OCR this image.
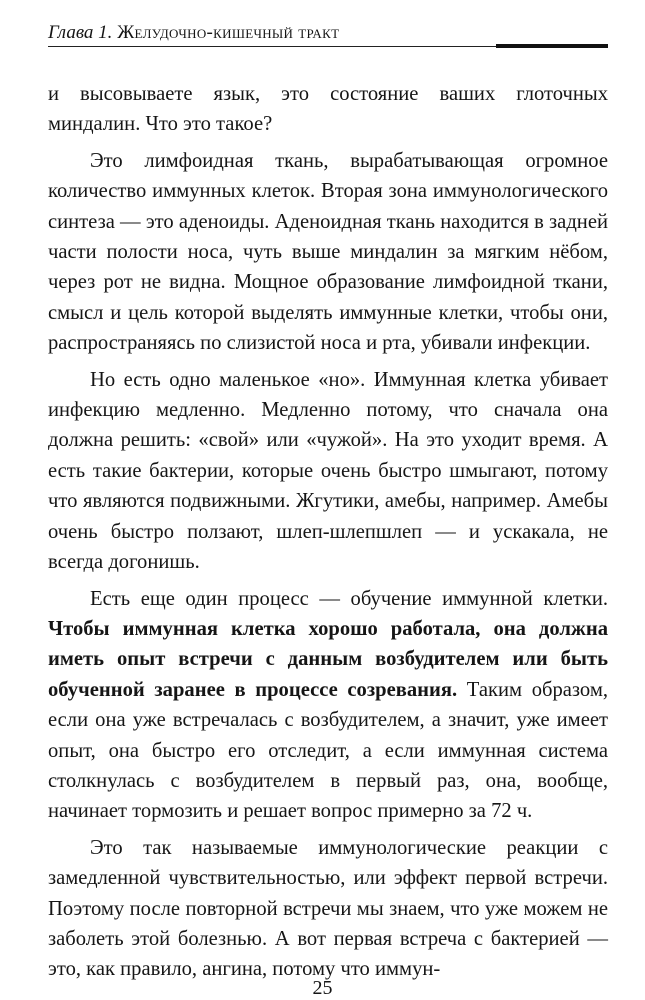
Глава 1. Желудочно-кишечный тракт

и высовываете язык, это состояние ваших глоточных миндалин. Что это такое?

Это лимфоидная ткань, вырабатывающая огромное количество иммунных клеток. Вторая зона иммунологического синтеза — это аденоиды. Аденоидная ткань находится в задней части полости носа, чуть выше миндалин за мягким нёбом, через рот не видна. Мощное образование лимфоидной ткани, смысл и цель которой выделять иммунные клетки, чтобы они, распространяясь по слизистой носа и рта, убивали инфекции.

Но есть одно маленькое «но». Иммунная клетка убивает инфекцию медленно. Медленно потому, что сначала она должна решить: «свой» или «чужой». На это уходит время. А есть такие бактерии, которые очень быстро шмыгают, потому что являются подвижными. Жгутики, амебы, например. Амебы очень быстро ползают, шлеп-шлепшлеп — и ускакала, не всегда догонишь.

Есть еще один процесс — обучение иммунной клетки. Чтобы иммунная клетка хорошо работала, она должна иметь опыт встречи с данным возбудителем или быть обученной заранее в процессе созревания. Таким образом, если она уже встречалась с возбудителем, а значит, уже имеет опыт, она быстро его отследит, а если иммунная система столкнулась с возбудителем в первый раз, она, вообще, начинает тормозить и решает вопрос примерно за 72 ч.

Это так называемые иммунологические реакции с замедленной чувствительностью, или эффект первой встречи. Поэтому после повторной встречи мы знаем, что уже можем не заболеть этой болезнью. А вот первая встреча с бактерией — это, как правило, ангина, потому что иммун-

25
